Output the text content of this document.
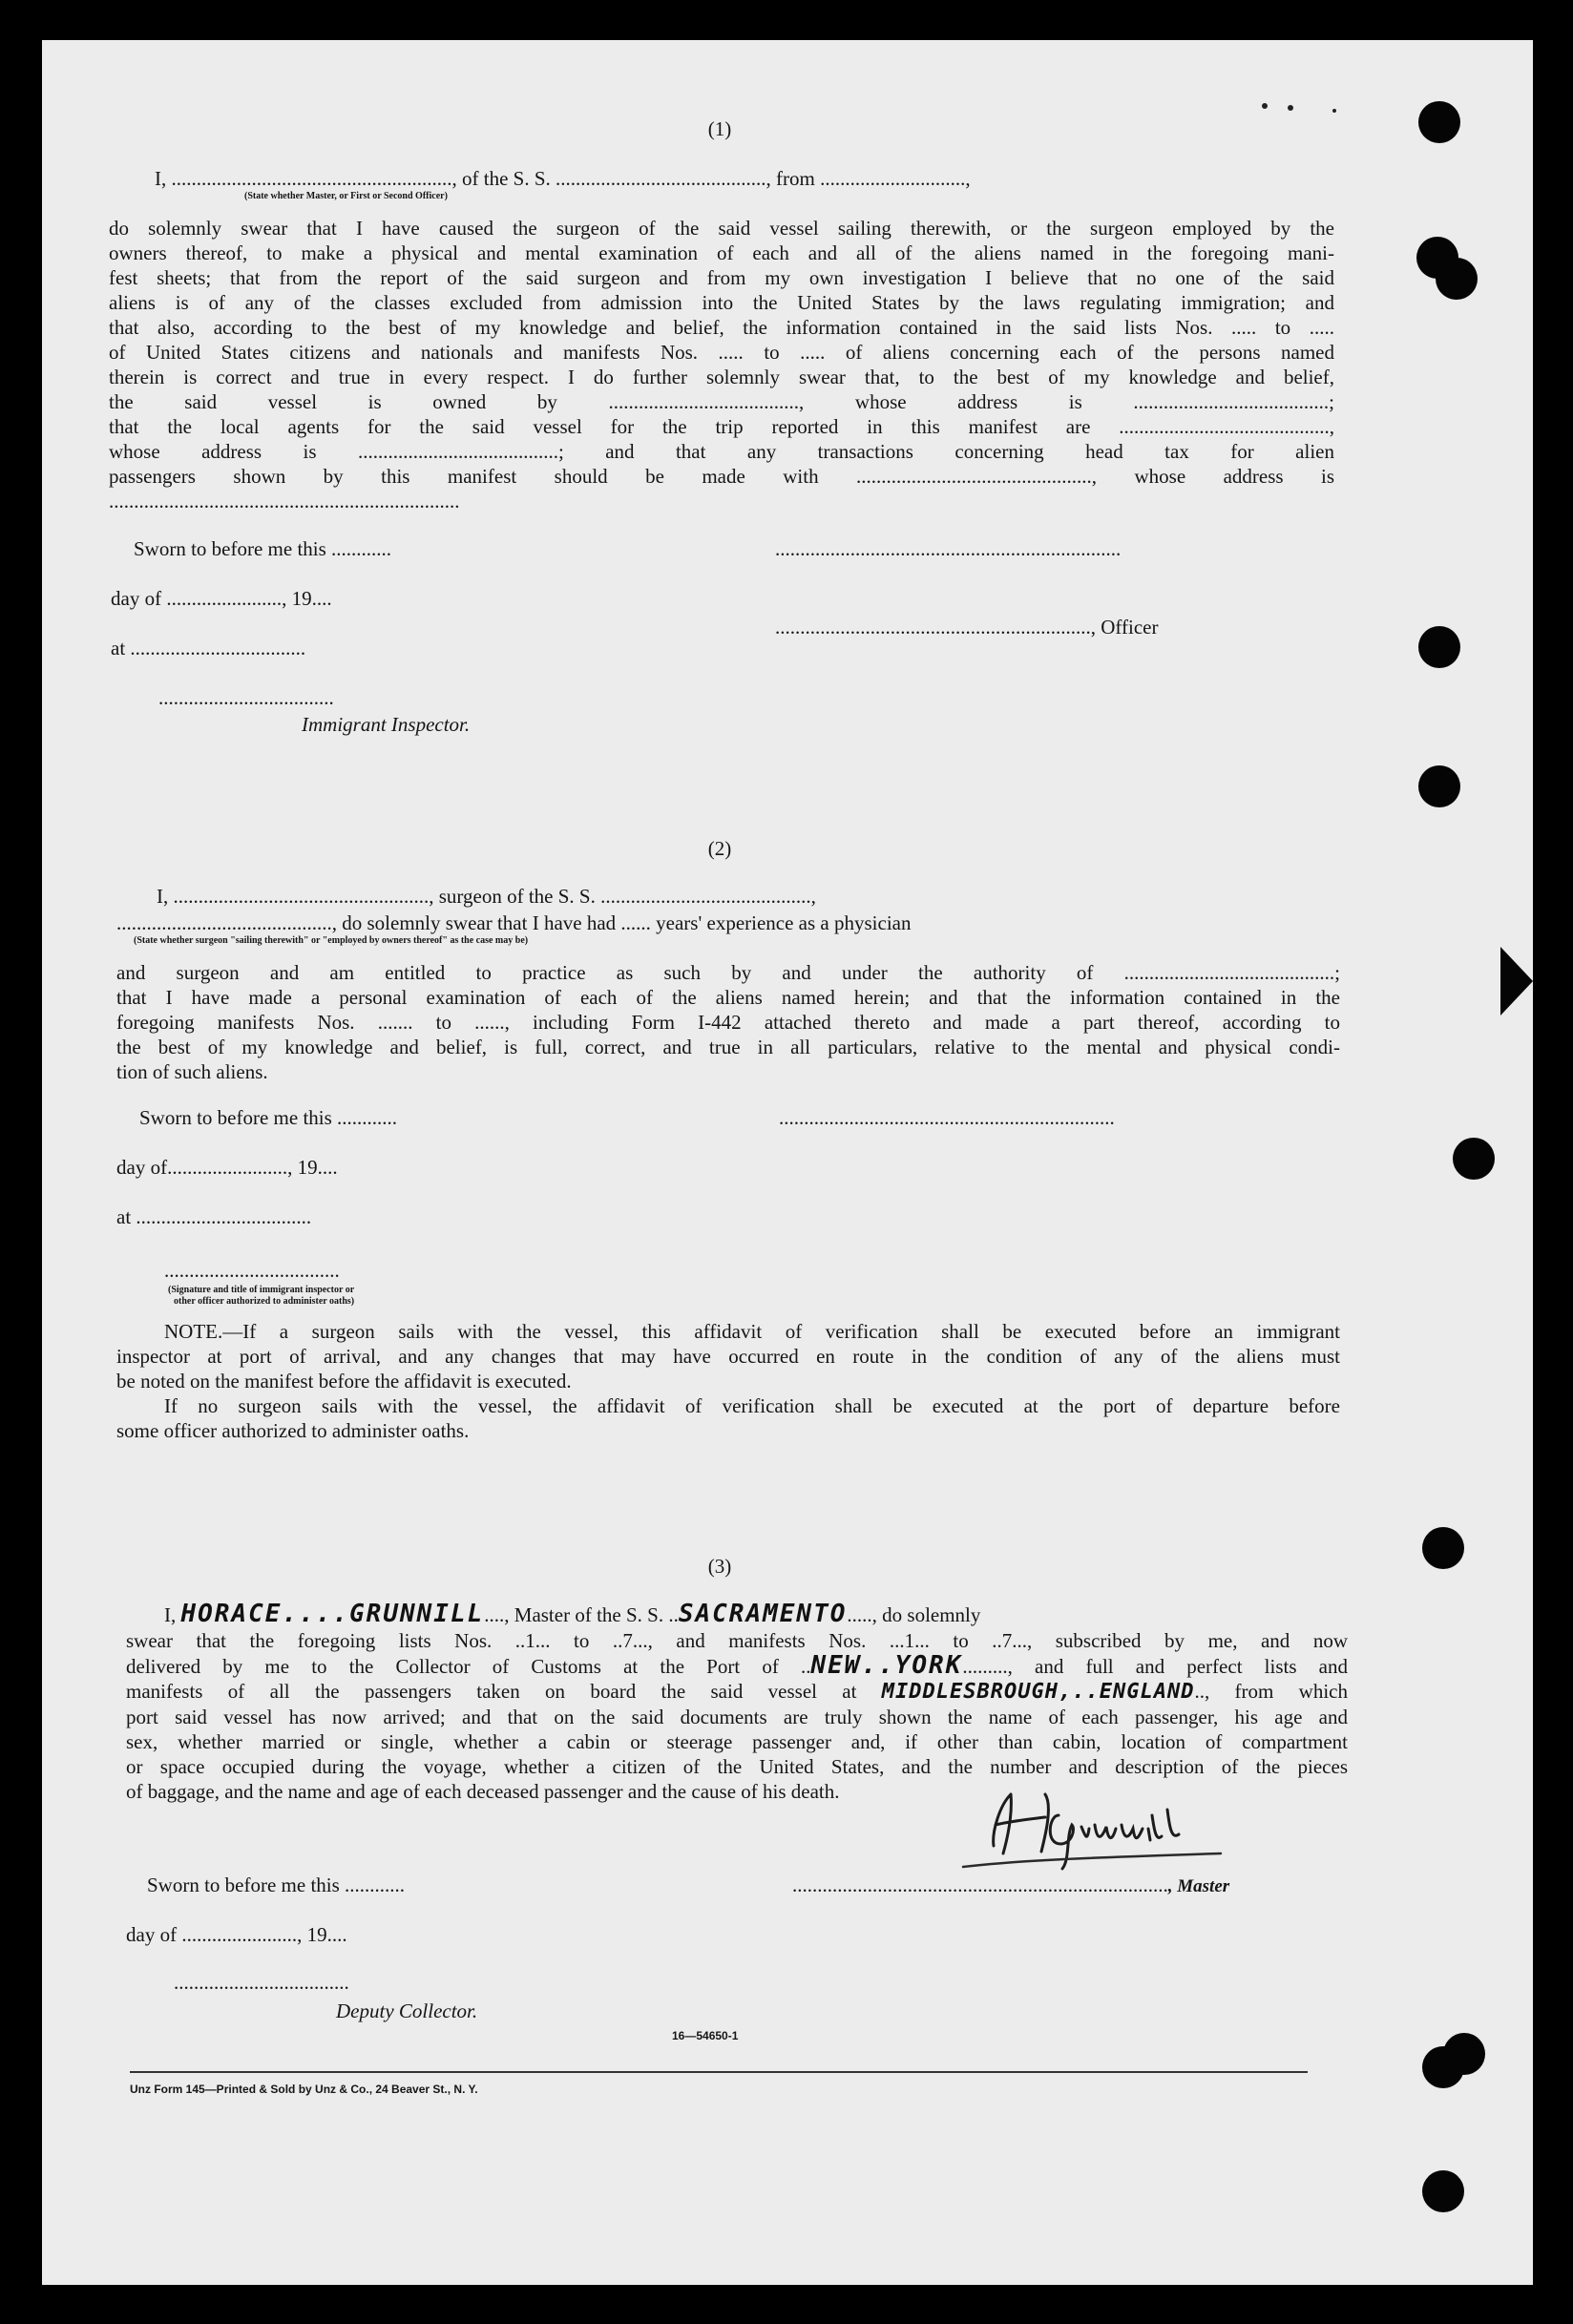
(1)
I, ........................................................, of the S. S. .........................................., from .............................,
(State whether Master, or First or Second Officer)
do solemnly swear that I have caused the surgeon of the said vessel sailing therewith, or the surgeon employed by the
owners thereof, to make a physical and mental examination of each and all of the aliens named in the foregoing mani-
fest sheets; that from the report of the said surgeon and from my own investigation I believe that no one of the said
aliens is of any of the classes excluded from admission into the United States by the laws regulating immigration; and
that also, according to the best of my knowledge and belief, the information contained in the said lists Nos. ..... to .....
of United States citizens and nationals and manifests Nos. ..... to ..... of aliens concerning each of the persons named
therein is correct and true in every respect. I do further solemnly swear that, to the best of my knowledge and belief,
the said vessel is owned by ......................................, whose address is .......................................;
that the local agents for the said vessel for the trip reported in this manifest are ..........................................,
whose address is ........................................; and that any transactions concerning head tax for alien
passengers shown by this manifest should be made with ..............................................., whose address is
......................................................................
Sworn to before me this ............	.....................................................................
day of ......................., 19....
..............................................................., Officer
at ...................................
...................................
Immigrant Inspector.
(2)
I, ..................................................., surgeon of the S. S. ..........................................,
..........................................., do solemnly swear that I have had ...... years' experience as a physician
(State whether surgeon "sailing therewith" or "employed by owners thereof" as the case may be)
and surgeon and am entitled to practice as such by and under the authority of ..........................................;
that I have made a personal examination of each of the aliens named herein; and that the information contained in the
foregoing manifests Nos. ....... to ......, including Form I-442 attached thereto and made a part thereof, according to
the best of my knowledge and belief, is full, correct, and true in all particulars, relative to the mental and physical condi-
tion of such aliens.
Sworn to before me this ............	...................................................................
day of........................, 19....
at ...................................
...................................
(Signature and title of immigrant inspector or
other officer authorized to administer oaths)
NOTE.—If a surgeon sails with the vessel, this affidavit of verification shall be executed before an immigrant
inspector at port of arrival, and any changes that may have occurred en route in the condition of any of the aliens must
be noted on the manifest before the affidavit is executed.
If no surgeon sails with the vessel, the affidavit of verification shall be executed at the port of departure before
some officer authorized to administer oaths.
(3)
I, HORACE....GRUNNILL...., Master of the S. S. ..SACRAMENTO....., do solemnly
swear that the foregoing lists Nos. ..1... to ..7..., and manifests Nos. ...1... to ..7..., subscribed by me, and now
delivered by me to the Collector of Customs at the Port of ..NEW..YORK........., and full and perfect lists and
manifests of all the passengers taken on board the said vessel at MIDDLESBROUGH,..ENGLAND.., from which
port said vessel has now arrived; and that on the said documents are truly shown the name of each passenger, his age and
sex, whether married or single, whether a cabin or steerage passenger and, if other than cabin, location of compartment
or space occupied during the voyage, whether a citizen of the United States, and the number and description of the pieces
of baggage, and the name and age of each deceased passenger and the cause of his death.
Sworn to before me this ............	..........................................................................., Master
day of ......................., 19....
...................................
Deputy Collector.
16—54650-1
Unz Form 145—Printed & Sold by Unz & Co., 24 Beaver St., N. Y.
